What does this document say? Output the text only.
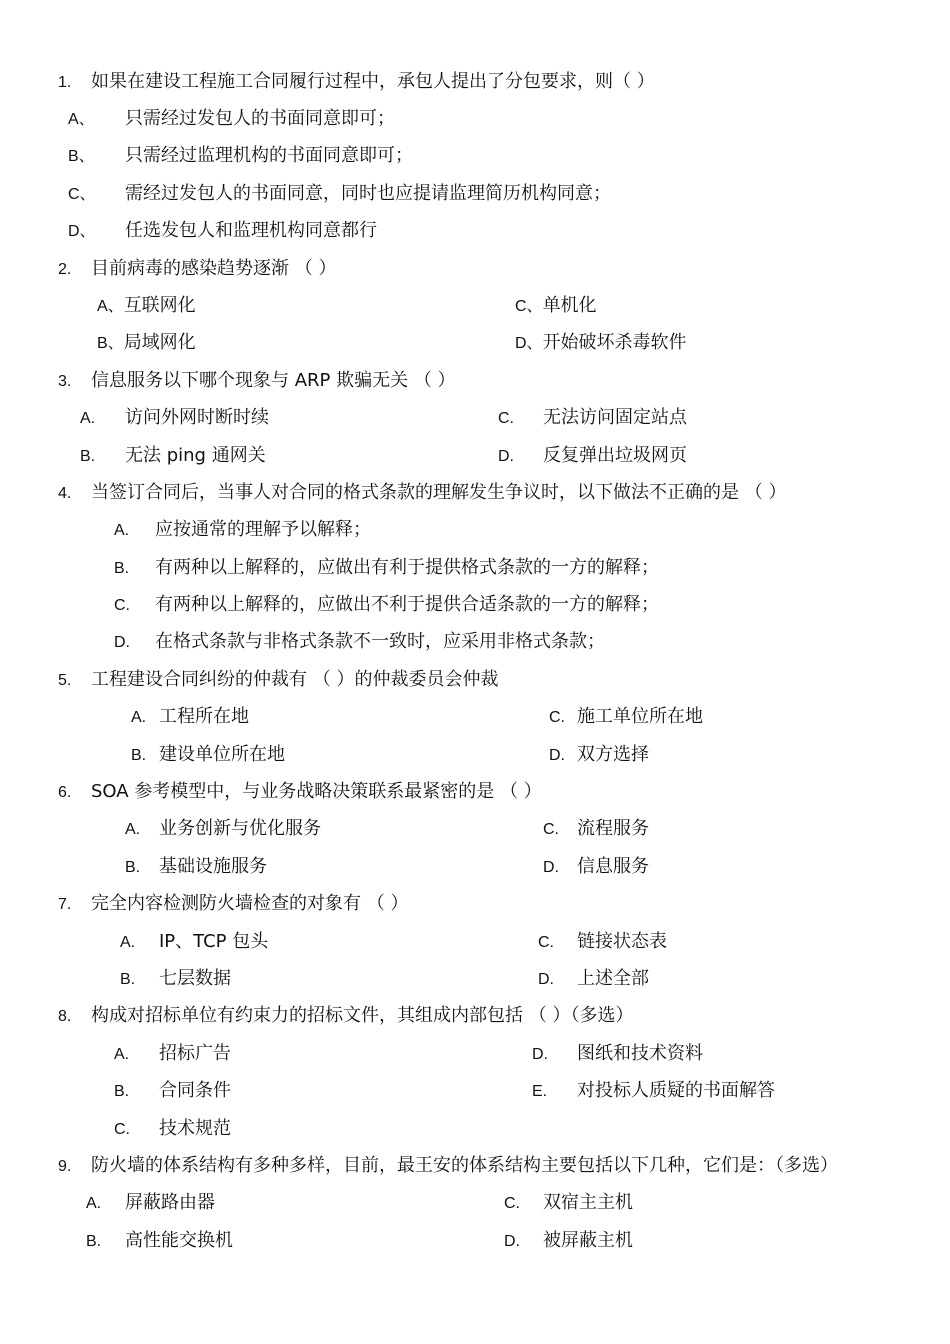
1. 如果在建设工程施工合同履行过程中，承包人提出了分包要求，则（ ）
A、 只需经过发包人的书面同意即可；
B、 只需经过监理机构的书面同意即可；
C、 需经过发包人的书面同意，同时也应提请监理简历机构同意；
D、 任选发包人和监理机构同意都行
2. 目前病毒的感染趋势逐渐 （ ）
A、互联网化	C、单机化
B、局域网化	D、开始破坏杀毒软件
3. 信息服务以下哪个现象与 ARP 欺骗无关 （ ）
A. 访问外网时断时续	C. 无法访问固定站点
B. 无法 ping 通网关	D. 反复弹出垃圾网页
4. 当签订合同后，当事人对合同的格式条款的理解发生争议时，以下做法不正确的是 （ ）
A. 应按通常的理解予以解释；
B. 有两种以上解释的，应做出有利于提供格式条款的一方的解释；
C. 有两种以上解释的，应做出不利于提供合适条款的一方的解释；
D. 在格式条款与非格式条款不一致时，应采用非格式条款；
5. 工程建设合同纠纷的仲裁有 （ ）的仲裁委员会仲裁
A. 工程所在地	C. 施工单位所在地
B. 建设单位所在地	D. 双方选择
6. SOA 参考模型中，与业务战略决策联系最紧密的是 （ ）
A. 业务创新与优化服务	C. 流程服务
B. 基础设施服务	D. 信息服务
7. 完全内容检测防火墙检查的对象有 （ ）
A. IP、TCP 包头	C. 链接状态表
B. 七层数据	D. 上述全部
8. 构成对招标单位有约束力的招标文件，其组成内部包括 （ ）（多选）
A. 招标广告	D. 图纸和技术资料
B. 合同条件	E. 对投标人质疑的书面解答
C. 技术规范
9. 防火墙的体系结构有多种多样，目前，最王安的体系结构主要包括以下几种，它们是：（多选）
A. 屏蔽路由器	C. 双宿主主机
B. 高性能交换机	D. 被屏蔽主机
